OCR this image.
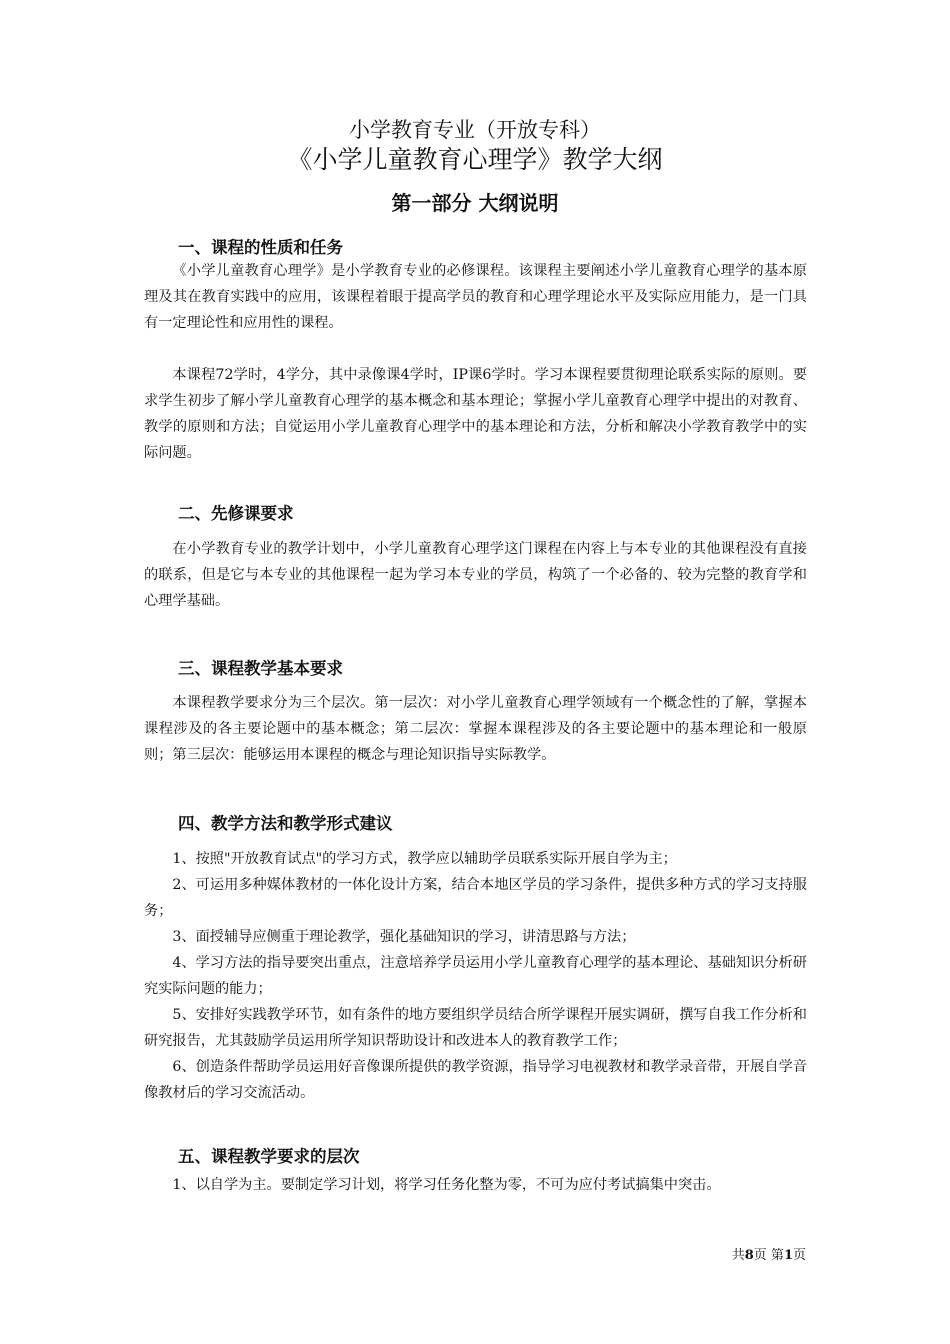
小学教育专业（开放专科）
《小学儿童教育心理学》教学大纲
第一部分 大纲说明
一、课程的性质和任务

《小学儿童教育心理学》是小学教育专业的必修课程。该课程主要阐述小学儿童教育心理学的基本原理及其在教育实践中的应用，该课程着眼于提高学员的教育和心理学理论水平及实际应用能力，是一门具有一定理论性和应用性的课程。

本课程72学时，4学分，其中录像课4学时，IP课6学时。学习本课程要贯彻理论联系实际的原则。要求学生初步了解小学儿童教育心理学的基本概念和基本理论；掌握小学儿童教育心理学中提出的对教育、教学的原则和方法；自觉运用小学儿童教育心理学中的基本理论和方法，分析和解决小学教育教学中的实际问题。

二、先修课要求

在小学教育专业的教学计划中，小学儿童教育心理学这门课程在内容上与本专业的其他课程没有直接的联系，但是它与本专业的其他课程一起为学习本专业的学员，构筑了一个必备的、较为完整的教育学和心理学基础。

三、课程教学基本要求

本课程教学要求分为三个层次。第一层次：对小学儿童教育心理学领域有一个概念性的了解，掌握本课程涉及的各主要论题中的基本概念；第二层次：掌握本课程涉及的各主要论题中的基本理论和一般原则；第三层次：能够运用本课程的概念与理论知识指导实际教学。

四、教学方法和教学形式建议

1、按照"开放教育试点"的学习方式，教学应以辅助学员联系实际开展自学为主；

2、可运用多种媒体教材的一体化设计方案，结合本地区学员的学习条件，提供多种方式的学习支持服务；

3、面授辅导应侧重于理论教学，强化基础知识的学习，讲清思路与方法；

4、学习方法的指导要突出重点，注意培养学员运用小学儿童教育心理学的基本理论、基础知识分析研究实际问题的能力；

5、安排好实践教学环节，如有条件的地方要组织学员结合所学课程开展实调研，撰写自我工作分析和研究报告，尤其鼓励学员运用所学知识帮助设计和改进本人的教育教学工作；

6、创造条件帮助学员运用好音像课所提供的教学资源，指导学习电视教材和教学录音带，开展自学音像教材后的学习交流活动。

五、课程教学要求的层次

1、以自学为主。要制定学习计划，将学习任务化整为零，不可为应付考试搞集中突击。

共8页 第1页
